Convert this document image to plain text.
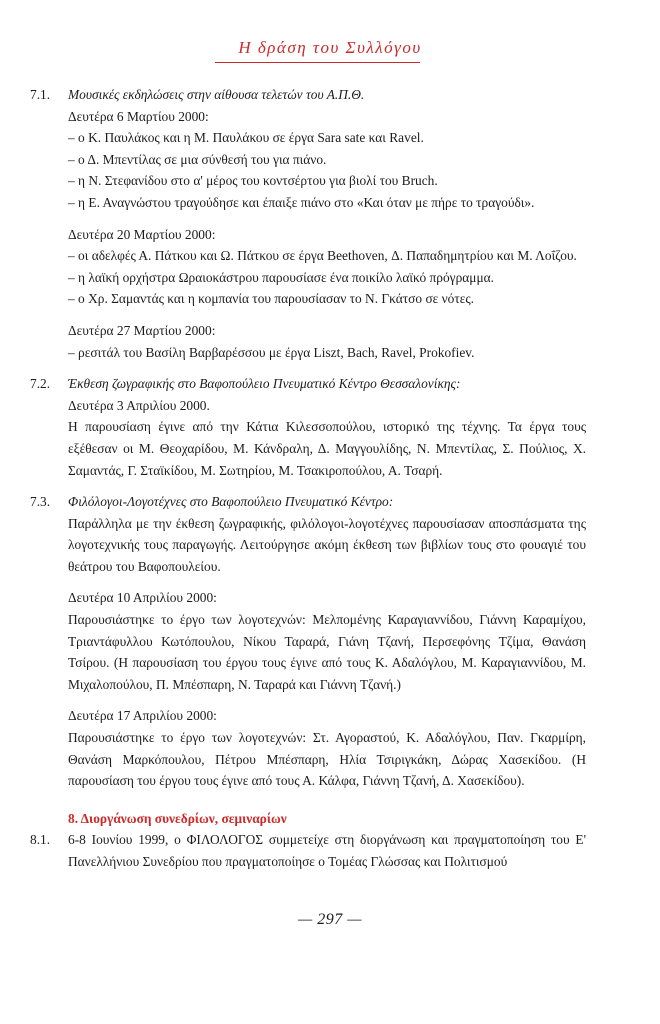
Η δράση του Συλλόγου
7.1. Μουσικές εκδηλώσεις στην αίθουσα τελετών του Α.Π.Θ.
Δευτέρα 6 Μαρτίου 2000:
– ο Κ. Παυλάκος και η Μ. Παυλάκου σε έργα Sara sate και Ravel.
– ο Δ. Μπεντίλας σε μια σύνθεσή του για πιάνο.
– η Ν. Στεφανίδου στο α' μέρος του κοντσέρτου για βιολί του Bruch.
– η Ε. Αναγνώστου τραγούδησε και έπαιξε πιάνο στο «Και όταν με πήρε το τραγούδι».
Δευτέρα 20 Μαρτίου 2000:
– οι αδελφές Α. Πάτκου και Ω. Πάτκου σε έργα Beethoven, Δ. Παπαδημητρίου και Μ. Λοΐζου.
– η λαϊκή ορχήστρα Ωραιοκάστρου παρουσίασε ένα ποικίλο λαϊκό πρόγραμμα.
– ο Χρ. Σαμαντάς και η κομπανία του παρουσίασαν το Ν. Γκάτσο σε νότες.
Δευτέρα 27 Μαρτίου 2000:
– ρεσιτάλ του Βασίλη Βαρβαρέσσου με έργα Liszt, Bach, Ravel, Prokofiev.
7.2. Έκθεση ζωγραφικής στο Βαφοπούλειο Πνευματικό Κέντρο Θεσσαλονίκης:
Δευτέρα 3 Απριλίου 2000.
Η παρουσίαση έγινε από την Κάτια Κιλεσσοπούλου, ιστορικό της τέχνης. Τα έργα τους εξέθεσαν οι Μ. Θεοχαρίδου, Μ. Κάνδραλη, Δ. Μαγγουλίδης, Ν. Μπεντίλας, Σ. Πούλιος, Χ. Σαμαντάς, Γ. Σταϊκίδου, Μ. Σωτηρίου, Μ. Τσακιροπούλου, Α. Τσαρή.
7.3. Φιλόλογοι-Λογοτέχνες στο Βαφοπούλειο Πνευματικό Κέντρο:
Παράλληλα με την έκθεση ζωγραφικής, φιλόλογοι-λογοτέχνες παρουσίασαν αποσπάσματα της λογοτεχνικής τους παραγωγής. Λειτούργησε ακόμη έκθεση των βιβλίων τους στο φουαγιέ του θεάτρου του Βαφοπουλείου.
Δευτέρα 10 Απριλίου 2000:
Παρουσιάστηκε το έργο των λογοτεχνών: Μελπομένης Καραγιαννίδου, Γιάννη Καραμίχου, Τριαντάφυλλου Κωτόπουλου, Νίκου Ταραρά, Γιάνη Τζανή, Περσεφόνης Τζίμα, Θανάση Τσίρου. (Η παρουσίαση του έργου τους έγινε από τους Κ. Αδαλόγλου, Μ. Καραγιαννίδου, Μ. Μιχαλοπούλου, Π. Μπέσπαρη, Ν. Ταραρά και Γιάννη Τζανή.)
Δευτέρα 17 Απριλίου 2000:
Παρουσιάστηκε το έργο των λογοτεχνών: Στ. Αγοραστού, Κ. Αδαλόγλου, Παν. Γκαρμίρη, Θανάση Μαρκόπουλου, Πέτρου Μπέσπαρη, Ηλία Τσιριγκάκη, Δώρας Χασεκίδου. (Η παρουσίαση του έργου τους έγινε από τους Α. Κάλφα, Γιάννη Τζανή, Δ. Χασεκίδου).
8. Διοργάνωση συνεδρίων, σεμιναρίων
8.1. 6-8 Ιουνίου 1999, ο ΦΙΛΟΛΟΓΟΣ συμμετείχε στη διοργάνωση και πραγματοποίηση του Ε' Πανελλήνιου Συνεδρίου που πραγματοποίησε ο Τομέας Γλώσσας και Πολιτισμού
— 297 —
